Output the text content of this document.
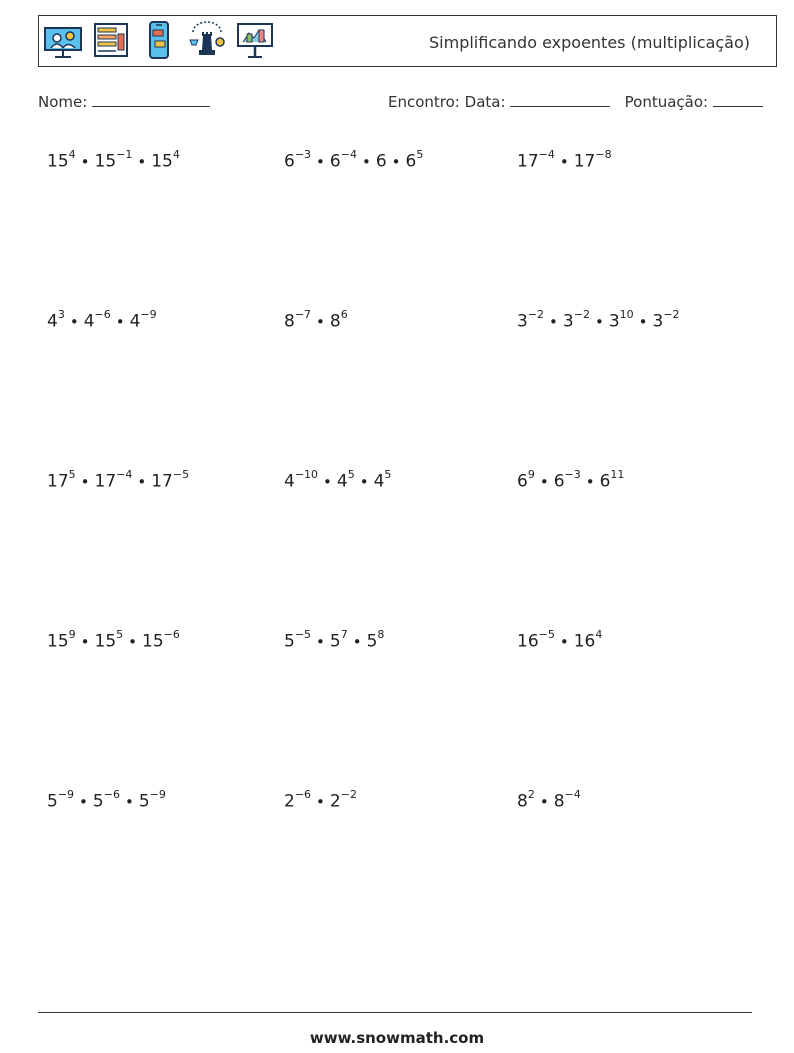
Simplificando expoentes (multiplicação)
Nome:	Encontro: Data:	Pontuação:
$15^4$ • $15^{-1}$ • $15^4$	$6^{-3}$ • $6^{-4}$ • 6 • $6^5$	$17^{-4}$ • $17^{-8}$
$4^3$ • $4^{-6}$ • $4^{-9}$	$8^{-7}$ • $8^6$	$3^{-2}$ • $3^{-2}$ • $3^{10}$ • $3^{-2}$
$17^5$ • $17^{-4}$ • $17^{-5}$	$4^{-10}$ • $4^5$ • $4^5$	$6^9$ • $6^{-3}$ • $6^{11}$
$15^9$ • $15^5$ • $15^{-6}$	$5^{-5}$ • $5^7$ • $5^8$	$16^{-5}$ • $16^4$
$5^{-9}$ • $5^{-6}$ • $5^{-9}$	$2^{-6}$ • $2^{-2}$	$8^2$ • $8^{-4}$
www.snowmath.com
